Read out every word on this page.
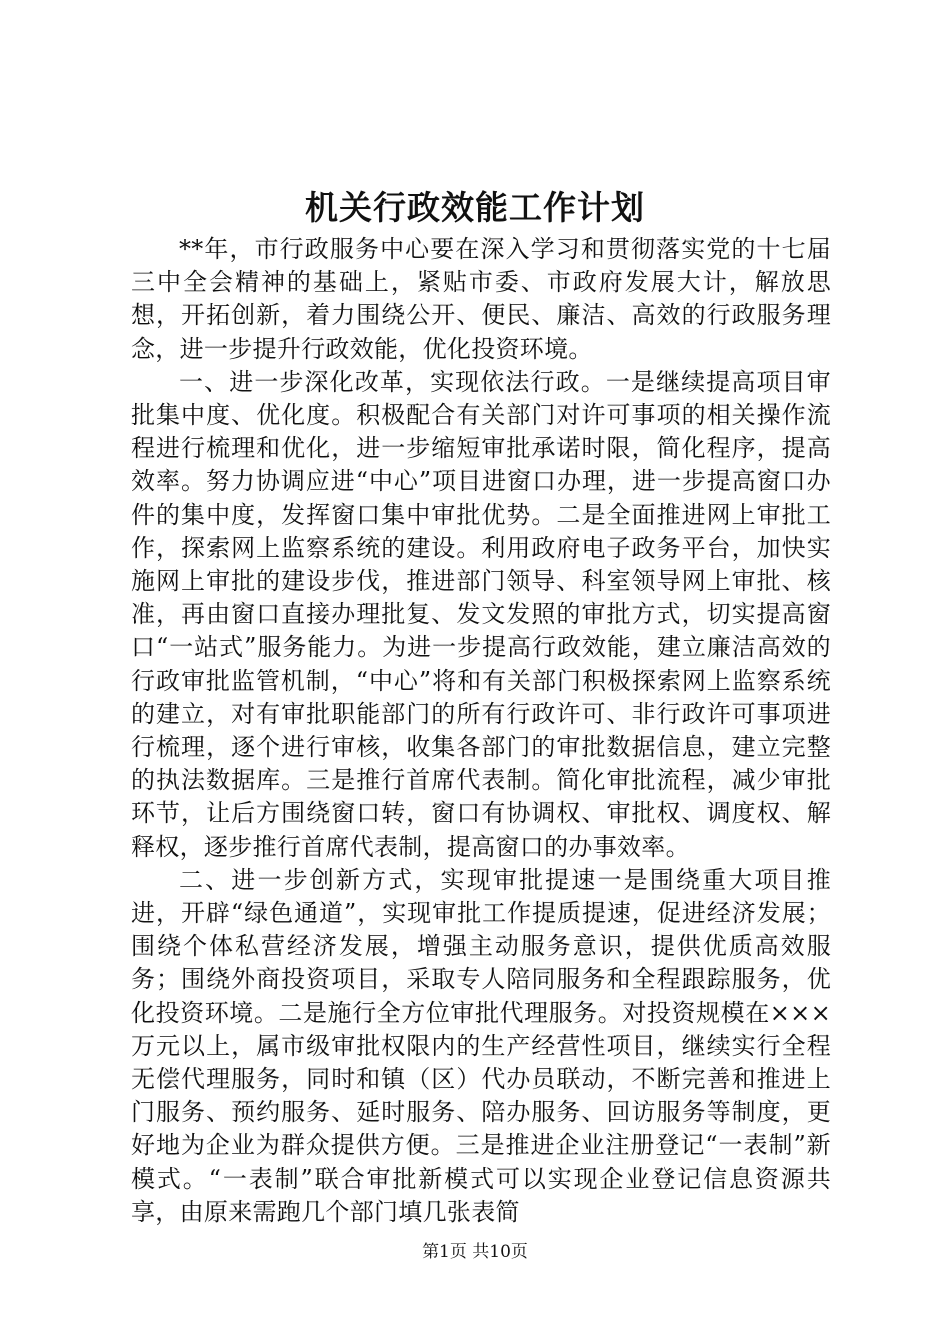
机关行政效能工作计划

**年，市行政服务中心要在深入学习和贯彻落实党的十七届三中全会精神的基础上，紧贴市委、市政府发展大计，解放思想，开拓创新，着力围绕公开、便民、廉洁、高效的行政服务理念，进一步提升行政效能，优化投资环境。

一、进一步深化改革，实现依法行政。一是继续提高项目审批集中度、优化度。积极配合有关部门对许可事项的相关操作流程进行梳理和优化，进一步缩短审批承诺时限，简化程序，提高效率。努力协调应进“中心”项目进窗口办理，进一步提高窗口办件的集中度，发挥窗口集中审批优势。二是全面推进网上审批工作，探索网上监察系统的建设。利用政府电子政务平台，加快实施网上审批的建设步伐，推进部门领导、科室领导网上审批、核准，再由窗口直接办理批复、发文发照的审批方式，切实提高窗口“一站式”服务能力。为进一步提高行政效能，建立廉洁高效的行政审批监管机制，“中心”将和有关部门积极探索网上监察系统的建立，对有审批职能部门的所有行政许可、非行政许可事项进行梳理，逐个进行审核，收集各部门的审批数据信息，建立完整的执法数据库。三是推行首席代表制。简化审批流程，减少审批环节，让后方围绕窗口转，窗口有协调权、审批权、调度权、解释权，逐步推行首席代表制，提高窗口的办事效率。

二、进一步创新方式，实现审批提速一是围绕重大项目推进，开辟“绿色通道”，实现审批工作提质提速，促进经济发展；围绕个体私营经济发展，增强主动服务意识，提供优质高效服务；围绕外商投资项目，采取专人陪同服务和全程跟踪服务，优化投资环境。二是施行全方位审批代理服务。对投资规模在×××万元以上，属市级审批权限内的生产经营性项目，继续实行全程无偿代理服务，同时和镇（区）代办员联动，不断完善和推进上门服务、预约服务、延时服务、陪办服务、回访服务等制度，更好地为企业为群众提供方便。三是推进企业注册登记“一表制”新模式。“一表制”联合审批新模式可以实现企业登记信息资源共享，由原来需跑几个部门填几张表简

第1页 共10页
